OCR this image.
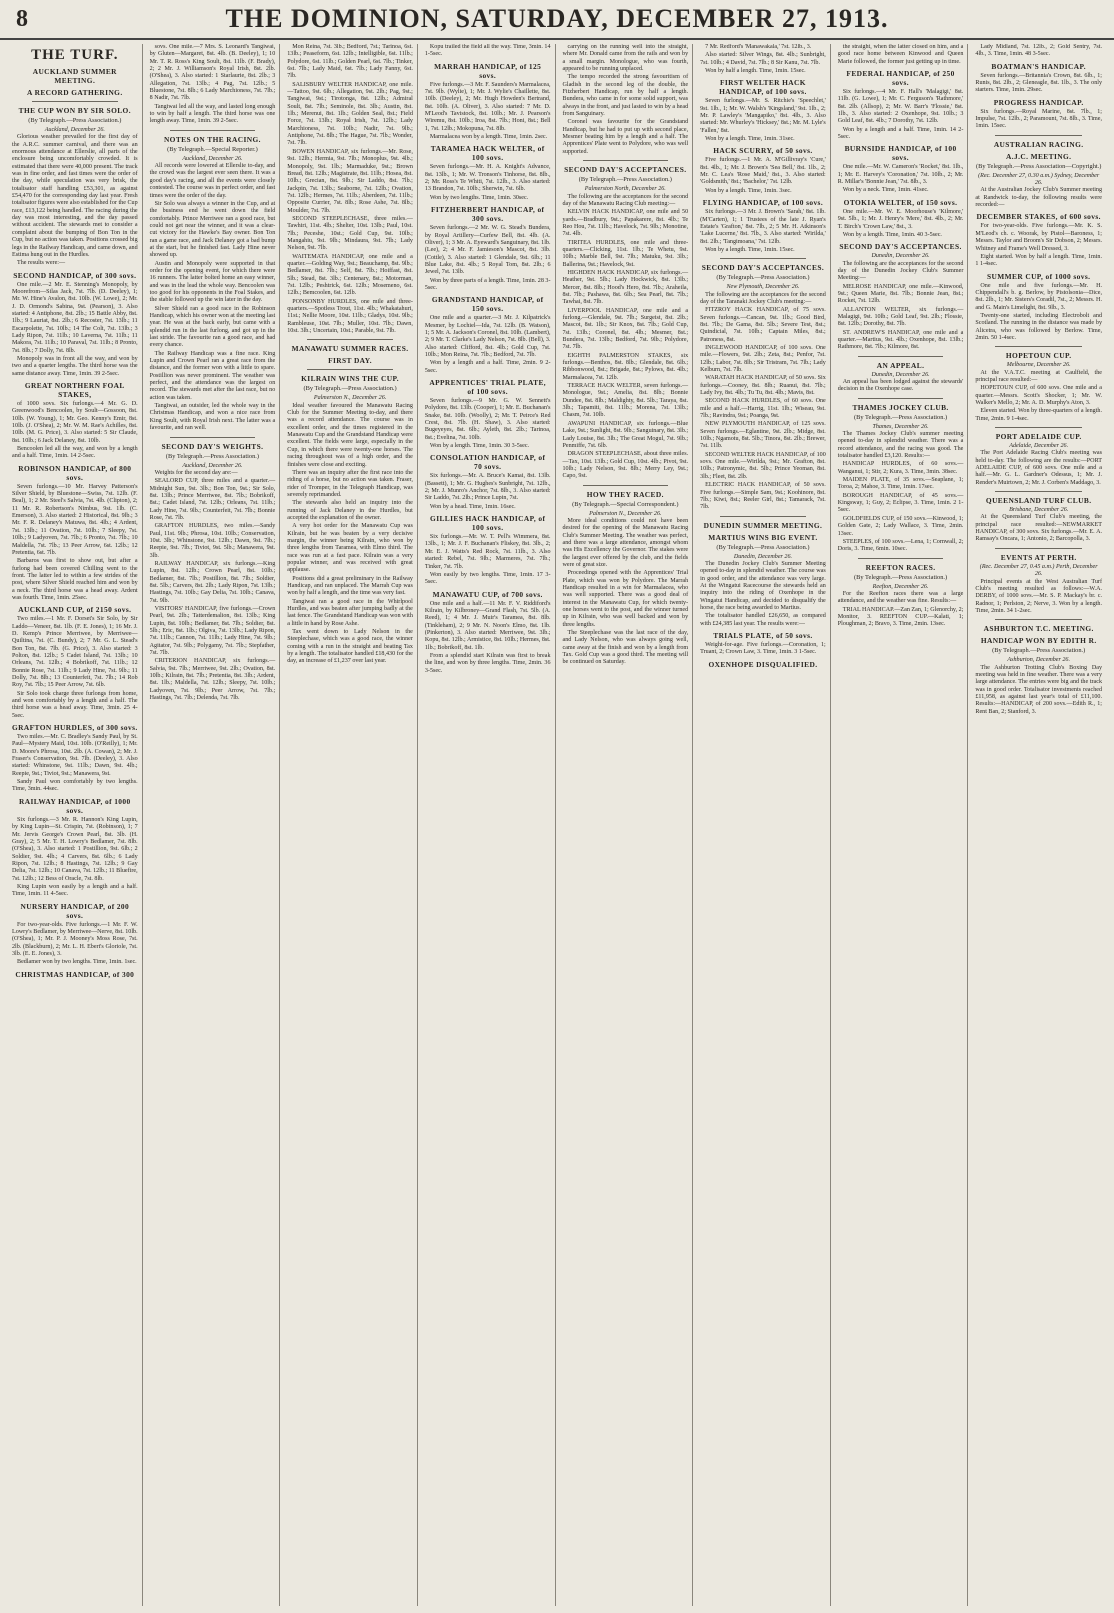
8	THE DOMINION, SATURDAY, DECEMBER 27, 1913.
THE TURF.
AUCKLAND SUMMER MEETING.
A RECORD GATHERING.
THE CUP WON BY SIR SOLO.
(By Telegraph.—Press Association.)
Auckland, December 26.

Glorious weather prevailed for the first day of the A.R.C. summer carnival, and there was an enormous attendance at Ellerslie, all parts of the enclosure being uncomfortably crowded. It is estimated that there were 40,000 present. The track was in fine order, and fast times were the order of the day, while speculation was very brisk, the totalisator staff handling £53,301, as against £54,470 for the corresponding day last year. Fresh totalisator figures were also established for the Cup race, £13,122 being handled. The racing during the day was most interesting, and the day passed without accident. The stewards met to consider a complaint about the bumping of Bon Ton in the Cup, but no action was taken. Positions crossed big legs in the Railway Handicap, and came down, and Estima hung out in the Hurdles.

The results were:—

SECOND HANDICAP, of 300 sovs.

One mile.—2 Mr. E. Stenning's Monopoly, by Moorefrom—Silas Jack, 7st. 7lb. (D. Deeley), 1; Mr. W. Hine's Avalon, 8st. 10lb. (W. Lowe), 2; Mr. J. D. Ormond's Sabina, 9st. (Pearson), 3. Also started: 4 Antiphone, 8st. 2lb.; 15 Battle Abby, 8st. 1lb.; 9 Lauriat, 8st. 2lb.; 6 Recoster, 7st. 13lb.; 11 Escarpolette, 7st. 10lb.; 14 The Colt, 7st. 13lb.; 3 Lady Ripon, 7st. 11lb.; 10 Laverna, 7st. 11lb.; 11 Makora, 7st. 11lb.; 10 Paraval, 7st. 11lb.; 8 Pronto, 7st. 8lb.; 7 Dolly, 7st. 8lb.

Monopoly was in front all the way, and won by two and a quarter lengths. The third horse was the same distance away. Time, 1min. 39 2-5sec.

GREAT NORTHERN FOAL STAKES,

of 1000 sovs. Six furlongs.—4 Mr. G. D. Greenwood's Bencoolen, by Soult—Gossoon, 8st. 10lb. (W. Young), 1; Mr. Geo. Kenny's Emir, 8st. 10lb. (J. O'Shea), 2; Mr. W. M. Rae's Achilles, 8st. 10lb. (M. G. Price), 3. Also started: 5 Sir Claude, 8st. 10lb.; 6 Jack Delaney, 8st. 10lb.

Bencoolen led all the way, and won by a length and a half. Time, 1min. 14 2-5sec.

ROBINSON HANDICAP, of 800 sovs.

Seven furlongs.—10 Mr. Harvey Patterson's Silver Shield, by Bluestone—Swiss, 7st. 12lb. (F. Beal), 1; 2 Mr. Steel's Salvia, 7st. 4lb. (Clipton), 2; 11 Mr. R. Robertson's Nimbus, 9st. 1lb. (C. Emerson), 3. Also started: 2 Historical, 8st. 9lb.; 3 Mr. F. R. Delaney's Matuwa, 8st. 4lb.; 4 Ardent, 7st. 13lb.; 11 Ovation, 7st. 10lb.; 7 Sleepy, 7st. 10lb.; 9 Ladyoven, 7st. 7lb.; 6 Pronto, 7st. 7lb.; 10 Maldella, 7st. 7lb.; 13 Peer Arrow, 6st. 12lb.; 12 Pretentia, 6st. 7lb.

Barbaros was first to show out, but after a furlong had been covered Chilling went to the front. The latter led to within a few strides of the post, where Silver Shield reached him and won by a neck. The third horse was a head away. Ardent was fourth. Time, 1min. 25sec.

AUCKLAND CUP, of 2150 sovs.

Two miles.—1 Mr. F. Dorset's Sir Solo, by Sir Laddo—Veneer, 8st. 1lb. (F. E. Jones), 1; 16 Mr. J. D. Kemp's Prince Merriwee, by Merriwee—Quiltina, 7st. (C. Bundy), 2; 7 Mr. G. L. Stead's Bon Ton, 8st. 7lb. (G. Price), 3. Also started: 3 Polton, 8st. 12lb.; 5 Cadet Island, 7st. 13lb.; 10 Orleans, 7st. 12lb.; 4 Bobrikoff, 7st. 11lb.; 12 Bonnie Rose, 7st. 11lb.; 9 Lady Hine, 7st. 9lb.; 11 Dolly, 7st. 8lb.; 13 Counterfeit, 7st. 7lb.; 14 Rob Roy, 7st. 7lb.; 15 Peer Arrow, 7st. 6lb.

Sir Solo took charge three furlongs from home, and won comfortably by a length and a half. The third horse was a head away. Time, 3min. 25 4-5sec.

GRAFTON HURDLES, of 300 sovs.

Two miles.—Mr. C. Bradley's Sandy Paul, by St. Paul—Mystery Maid, 10st. 10lb. (O'Reilly), 1; Mr. D. Moore's Phrosa, 10st. 2lb. (A. Cowan), 2; Mr. J. Fraser's Conservation, 9st. 7lb. (Deeley), 3. Also started: Whinstone, 9st. 11lb.; Dawn, 9st. 4lb.; Reepie, 9st.; Tiviot, 9st.; Manawera, 9st.

Sandy Paul won comfortably by two lengths. Time, 3min. 44sec.

RAILWAY HANDICAP, of 1000 sovs.

Six furlongs.—3 Mr. R. Hannon's King Lupin, by King Lupin—St. Crispin, 7st. (Robinson), 1; 7 Mr. Jervis George's Crown Pearl, 8st. 3lb. (H. Gray), 2; 5 Mr. T. H. Lowry's Bedlamer, 7st. 8lb. (O'Shea), 3. Also started: 1 Postillion, 9st. 6lb.; 2 Soldier, 9st. 4lb.; 4 Carvers, 8st. 6lb.; 6 Lady Ripon, 7st. 12lb.; 8 Hastings, 7st. 12lb.; 9 Gay Delia, 7st. 12lb.; 10 Canava, 7st. 12lb.; 11 Bluefire, 7st. 12lb.; 12 Bess of Oracle, 7st. 8lb.

King Lupin won easily by a length and a half. Time, 1min. 11 4-5sec.

NURSERY HANDICAP, of 200 sovs.

For two-year-olds. Five furlongs.—1 Mr. F. W. Lowry's Bedlamer, by Merriwee—Nerve, 8st. 10lb. (O'Shea), 1; Mr. P. J. Mooney's Moss Rose, 7st. 2lb. (Blackburn), 2; Mr. L. H. Ebert's Gloriole, 7st. 3lb. (E. E. Jones), 3.

Bedlamer won by two lengths. Time, 1min. 1sec.

CHRISTMAS HANDICAP, of 300

sovs. One mile.—7 Mrs. S. Leonard's Tangiwai, by Gluten—Margaret, 8st. 4lb. (B. Deeley), 1; 10 Mr. T. R. Ross's King Soult, 8st. 11lb. (F. Brady), 2; 2 Mr. J. Williamson's Royal Irish, 8st. 2lb. (O'Shea), 3. Also started: 1 Starlaurie, 8st. 2lb.; 3 Allegation, 7st. 13lb.; 4 Pag, 7st. 12lb.; 5 Bluestone, 7st. 8lb.; 6 Lady Marchioness, 7st. 7lb.; 8 Nadir, 7st. 7lb.

Tangiwai led all the way, and lasted long enough to win by half a length. The third horse was one length away. Time, 1min. 39 2-5sec.

NOTES ON THE RACING.
(By Telegraph.—Special Reporter.)
Auckland, December 26.

All records were lowered at Ellerslie to-day, and the crowd was the largest ever seen there. It was a good day's racing, and all the events were closely contested. The course was in perfect order, and fast times were the order of the day.

Sir Solo was always a winner in the Cup, and at the business end he went down the field comfortably. Prince Merriwee ran a good race, but could not get near the winner, and it was a clear-cut victory for the Hawke's Bay owner. Bon Ton ran a game race, and Jack Delaney got a bad bump at the start, but he finished fast. Lady Hine never showed up.

Austin and Monopoly were supported in that order for the opening event, for which there were 16 runners. The latter bolted home an easy winner, and was in the lead the whole way. Bencoolen was too good for his opponents in the Foal Stakes, and the stable followed up the win later in the day.

Silver Shield ran a good race in the Robinson Handicap, which his owner won at the meeting last year. He was at the back early, but came with a splendid run in the last furlong, and got up in the last stride. The favourite ran a good race, and had every chance.

The Railway Handicap was a fine race. King Lupin and Crown Pearl ran a great race from the distance, and the former won with a little to spare. Postillion was never prominent. The weather was perfect, and the attendance was the largest on record. The stewards met after the last race, but no action was taken.

Tangiwai, an outsider, led the whole way in the Christmas Handicap, and won a nice race from King Soult, with Royal Irish next. The latter was a favourite, and ran well.

SECOND DAY'S WEIGHTS.
(By Telegraph.—Press Association.)
Auckland, December 26.

Weights for the second day are:—

SEALORD CUP, three miles and a quarter.—Midnight Sun, 9st. 3lb.; Bon Ton, 9st.; Sir Solo, 8st. 13lb.; Prince Merriwee, 8st. 7lb.; Bobrikoff, 8st.; Cadet Island, 7st. 12lb.; Orleans, 7st. 11lb.; Lady Hine, 7st. 9lb.; Counterfeit, 7st. 7lb.; Bonnie Rose, 7st. 7lb.

GRAFTON HURDLES, two miles.—Sandy Paul, 11st. 9lb.; Phrosa, 10st. 10lb.; Conservation, 10st. 3lb.; Whinstone, 9st. 12lb.; Dawn, 9st. 7lb.; Reepie, 9st. 7lb.; Tiviot, 9st. 5lb.; Manawera, 9st. 3lb.

RAILWAY HANDICAP, six furlongs.—King Lupin, 8st. 12lb.; Crown Pearl, 8st. 10lb.; Bedlamer, 8st. 7lb.; Postillion, 8st. 7lb.; Soldier, 8st. 5lb.; Carvers, 8st. 2lb.; Lady Ripon, 7st. 13lb.; Hastings, 7st. 10lb.; Gay Delia, 7st. 10lb.; Canava, 7st. 9lb.

VISITORS' HANDICAP, five furlongs.—Crown Pearl, 9st. 2lb.; Tatterdemalion, 8st. 13lb.; King Lupin, 8st. 10lb.; Bedlamer, 8st. 7lb.; Soldier, 8st. 5lb.; Eric, 8st. 1lb.; Olgiva, 7st. 13lb.; Lady Ripon, 7st. 11lb.; Cannon, 7st. 11lb.; Lady Hine, 7st. 9lb.; Agitator, 7st. 9lb.; Polygamy, 7st. 7lb.; Stepfather, 7st. 7lb.

CRITERION HANDICAP, six furlongs.—Salvia, 9st. 7lb.; Merriwee, 9st. 2lb.; Ovation, 8st. 10lb.; Kilrain, 8st. 7lb.; Pretentia, 8st. 3lb.; Ardent, 8st. 1lb.; Maldella, 7st. 12lb.; Sleepy, 7st. 10lb.; Ladyoven, 7st. 9lb.; Peer Arrow, 7st. 7lb.; Hastings, 7st. 7lb.; Delenda, 7st. 7lb.

Mon Reina, 7st. 3lb.; Bedford, 7st.; Tarinoa, 6st. 13lb.; Peaseform, 6st. 12lb.; Intelligible, 6st. 11lb.; Polydore, 6st. 11lb.; Golden Pearl, 6st. 7lb.; Tinker, 6st. 7lb.; Lady Maid, 6st. 7lb.; Lady Fanny, 6st. 7lb.

SALISBURY WELTER HANDICAP, one mile.—Tattoo, 9st. 6lb.; Allegation, 9st. 2lb.; Pag, 9st.; Tangiwai, 9st.; Tirotonga, 8st. 12lb.; Admiral Soult, 8st. 7lb.; Seminole, 8st. 3lb.; Austin, 8st. 1lb.; Merenui, 8st. 1lb.; Golden Seal, 8st.; Field Force, 7st. 13lb.; Royal Irish, 7st. 12lb.; Lady Marchioness, 7st. 10lb.; Nadir, 7st. 9lb.; Antiphone, 7st. 8lb.; The Hague, 7st. 7lb.; Wonder, 7st. 7lb.

BOWEN HANDICAP, six furlongs.—Mr. Rose, 9st. 12lb.; Hermia, 9st. 7lb.; Monoplus, 9st. 4lb.; Monopoly, 9st. 1lb.; Marmaduke, 9st.; Brown Bread, 8st. 12lb.; Magistrate, 8st. 11lb.; Hosea, 8st. 10lb.; Grecian, 8st. 9lb.; Sir Laddo, 8st. 7lb.; Jackpin, 7st. 13lb.; Seaborne, 7st. 12lb.; Ovation, 7st. 12lb.; Hermes, 7st. 11lb.; Aberdeen, 7st. 11lb.; Opposite Currier, 7st. 8lb.; Rose Ashe, 7st. 8lb.; Moulder, 7st. 7lb.

SECOND STEEPLECHASE, three miles.—Tawhiri, 11st. 4lb.; Shelter, 10st. 13lb.; Paul, 10st. 7lb.; Peceshe, 10st.; Gold Cup, 9st. 10lb.; Mangahiu, 9st. 9lb.; Mindaura, 9st. 7lb.; Lady Nelson, 9st. 7lb.

WAITEMATA HANDICAP, one mile and a quarter.—Golding Way, 9st.; Beauchamp, 8st. 9lb.; Bedlamer, 8st. 7lb.; Self, 8st. 7lb.; Hoiffast, 8st. 5lb.; Stead, 8st. 3lb.; Centenary, 8st.; Motorman, 7st. 12lb.; Peshtrick, 6st. 12lb.; Mosemeno, 6st. 12lb.; Bemcoolen, 6st. 12lb.

PONSONBY HURDLES, one mile and three-quarters.—Spotless Trout, 11st. 4lb.; Whakatahuri, 11st.; Nellie Moore, 10st. 11lb.; Gladys, 10st. 9lb.; Rambleuse, 10st. 7lb.; Muller, 10st. 7lb.; Dawn, 10st. 3lb.; Uncertain, 10st.; Parable, 9st. 7lb.

MANAWATU SUMMER RACES.
FIRST DAY.
KILRAIN WINS THE CUP.
(By Telegraph.—Press Association.)
Palmerston N., December 26.

Ideal weather favoured the Manawatu Racing Club for the Summer Meeting to-day, and there was a record attendance. The course was in excellent order, and the times registered in the Manawatu Cup and the Grandstand Handicap were excellent. The fields were large, especially in the Cup, in which there were twenty-one horses. The racing throughout was of a high order, and the finishes were close and exciting.

There was an inquiry after the first race into the riding of a horse, but no action was taken. Fraser, rider of Tromper, in the Telegraph Handicap, was severely reprimanded.

The stewards also held an inquiry into the running of Jack Delaney in the Hurdles, but accepted the explanation of the owner.

A very hot order for the Manawatu Cup was Kilrain, but he was beaten by a very decisive margin, the winner being Kilrain, who won by three lengths from Taramea, with Elmo third. The race was run at a fast pace. Kilrain was a very popular winner, and was received with great applause.

Positions did a great preliminary in the Railway Handicap, and ran unplaced. The Marrah Cup was won by half a length, and the time was very fast.

Tangiwai ran a good race in the Whirlpool Hurdles, and was beaten after jumping badly at the last fence. The Grandstand Handicap was won with a little in hand by Rose Ashe.

Tax went down to Lady Nelson in the Steeplechase, which was a good race, the winner coming with a run in the straight and beating Tax by a length. The totalisator handled £18,430 for the day, an increase of £1,237 over last year.

Kopu trailed the field all the way. Time, 3min. 14 1-5sec.

MARRAH HANDICAP, of 125 sovs.

Five furlongs.—3 Mr. F. Saunders's Marmalacea, 7st. 9lb. (Wylie), 1; Mr. J. Wylie's Chaillette, 8st. 10lb. (Deeley), 2; Mr. Hugh Howden's Bertrand, 8st. 10lb. (A. Oliver), 3. Also started: 7 Mr. D. M'Leod's Tavistock, 8st. 10lb.; Mr. J. Pearson's Wiremu, 8st. 10lb.; Iroa, 8st. 7lb.; Honi, 8st.; Bell 1, 7st. 12lb.; Mokopuna, 7st. 8lb.

Marmalacea won by a length. Time, 1min. 2sec.

TARAMEA HACK WELTER, of 100 sovs.

Seven furlongs.—Mr. H. A. Knight's Advance, 8st. 13lb., 1; Mr. W. Tronson's Tinhorse, 8st. 8lb., 2; Mr. Ross's Te Whiti, 7st. 12lb., 3. Also started: 13 Brandon, 7st. 10lb.; Sherwin, 7st. 6lb.

Won by two lengths. Time, 1min. 30sec.

FITZHERBERT HANDICAP, of 300 sovs.

Seven furlongs.—2 Mr. W. G. Stead's Bundera, by Royal Artillery—Curfew Bell, 8st. 4lb. (A. Oliver), 1; 3 Mr. A. Eyeward's Sanguinary, 8st. 1lb. (Lee), 2; 4 Mr. F. Jamieson's Mascot, 8st. 3lb. (Cottle), 3. Also started: 1 Glendale, 9st. 6lb.; 11 Blue Lake, 8st. 4lb.; 5 Royal Tom, 8st. 2lb.; 6 Jewel, 7st. 13lb.

Won by three parts of a length. Time, 1min. 28 3-5sec.

GRANDSTAND HANDICAP, of 150 sovs.

One mile and a quarter.—3 Mr. J. Kilpatrick's Mesmer, by Lochiel—Ida, 7st. 12lb. (B. Watson), 1; 5 Mr. A. Jackson's Coronel, 8st. 10lb. (Lambert), 2; 9 Mr. T. Clarke's Lady Nelson, 7st. 8lb. (Bell), 3. Also started: Clifford, 8st. 4lb.; Gold Cup, 7st. 10lb.; Mon Reina, 7st. 7lb.; Bedford, 7st. 7lb.

Won by a length and a half. Time, 2min. 9 2-5sec.

APPRENTICES' TRIAL PLATE, of 100 sovs.

Seven furlongs.—9 Mr. G. W. Sennett's Polydore, 8st. 13lb. (Cooper), 1; Mr. E. Buchanan's Snake, 8st. 10lb. (Woolly), 2; Mr. T. Peirce's Red Crest, 8st. 7lb. (H. Shaw), 3. Also started: Bugeyeyes, 8st. 6lb.; Ayleth, 8st. 2lb.; Tarinoa, 8st.; Evelina, 7st. 10lb.

Won by a length. Time, 1min. 30 3-5sec.

CONSOLATION HANDICAP, of 70 sovs.

Six furlongs.—Mr. A. Bruce's Kamai, 8st. 13lb. (Bassett), 1; Mr. G. Hughes's Sunbright, 7st. 12lb., 2; Mr. J. Munro's Anchor, 7st. 8lb., 3. Also started: Sir Laddo, 7st. 2lb.; Prince Lupin, 7st.

Won by a head. Time, 1min. 16sec.

GILLIES HACK HANDICAP, of 100 sovs.

Six furlongs.—Mr. W. T. Pell's Wimmera, 8st. 13lb., 1; Mr. J. F. Buchanan's Fliskey, 8st. 3lb., 2; Mr. E. J. Watts's Red Rock, 7st. 11lb., 3. Also started: Rebel, 7st. 9lb.; Marmeres, 7st. 7lb.; Tinker, 7st. 7lb.

Won easily by two lengths. Time, 1min. 17 3-5sec.

MANAWATU CUP, of 700 sovs.

One mile and a half.—11 Mr. F. V. Riddiford's Kilrain, by Kilbroney—Grand Flash, 7st. 5lb. (A. Reed), 1; 4 Mr. J. Muir's Taramea, 8st. 8lb. (Tinkleham), 2; 9 Mr. N. Noon's Elmo, 8st. 1lb. (Pinkerton), 3. Also started: Merriwee, 9st. 3lb.; Kopu, 8st. 12lb.; Armistice, 8st. 10lb.; Hermes, 8st. 1lb.; Bobrikoff, 8st. 1lb.

From a splendid start Kilrain was first to break the line, and won by three lengths. Time, 2min. 36 3-5sec.

carrying on the running well into the straight, where Mr. Donald came from the rails and won by a small margin. Monologue, who was fourth, appeared to be running unplaced.

The tempo recorded the strong favouritism of Gladish in the second leg of the double, the Fitzherbert Handicap, run by half a length. Bundera, who came in for some solid support, was always in the front, and just lasted to win by a head from Sanguinary.

Coronel was favourite for the Grandstand Handicap, but he had to put up with second place, Mesmer beating him by a length and a half. The Apprentices' Plate went to Polydore, who was well supported.

SECOND DAY'S ACCEPTANCES.
(By Telegraph.—Press Association.)
Palmerston North, December 26.

The following are the acceptances for the second day of the Manawatu Racing Club meeting:—

KELVIN HACK HANDICAP, one mile and 50 yards.—Bradbury, 9st.; Papakarere, 8st. 4lb.; Te Reo Hou, 7st. 11lb.; Havelock, 7st. 9lb.; Monotine, 7st. 4lb.

TIRITEA HURDLES, one mile and three-quarters.—Clicking, 11st. 1lb.; Te Whetu, 9st. 10lb.; Marble Bell, 9st. 7lb.; Matuku, 9st. 3lb.; Ballerina, 9st.; Havelock, 9st.

HIGHDEN HACK HANDICAP, six furlongs.—Heather, 9st. 5lb.; Lady Hockwick, 8st. 13lb.; Mercer, 8st. 8lb.; Hood's Hero, 8st. 7lb.; Araheila, 8st. 7lb.; Pashawa, 8st. 6lb.; Sea Pearl, 8st. 7lb.; Tawhai, 8st. 7lb.

LIVERPOOL HANDICAP, one mile and a furlong.—Glendale, 9st. 7lb.; Surgeist, 8st. 2lb.; Mascot, 8st. 1lb.; Sir Knox, 8st. 7lb.; Gold Cup, 7st. 13lb.; Coronel, 8st. 4lb.; Mesmer, 8st.; Bundera, 7st. 13lb.; Bedford, 7st. 9lb.; Polydore, 7st. 7lb.

EIGHTH PALMERSTON STAKES, six furlongs.—Benthos, 8st. 8lb.; Glendale, 8st. 6lb.; Ribbonwood, 8st.; Brigade, 8st.; Pylows, 8st. 4lb.; Marmalacea, 7st. 12lb.

TERRACE HACK WELTER, seven furlongs.—Monologue, 9st.; Amelia, 8st. 8lb.; Bonnie Dundee, 8st. 8lb.; Maldighty, 8st. 5lb.; Taraya, 8st. 3lb.; Tapamiti, 8st. 11lb.; Morena, 7st. 13lb.; Chasm, 7st. 10lb.

AWAPUNI HANDICAP, six furlongs.—Blue Lake, 9st.; Sunlight, 8st. 9lb.; Sanguinary, 8st. 3lb.; Lady Louise, 8st. 3lb.; The Great Mogul, 7st. 9lb.; Penmiffe, 7st. 6lb.

DRAGON STEEPLECHASE, about three miles.—Tax, 10st. 13lb.; Gold Cup, 10st. 4lb.; Pivot, 9st. 10lb.; Lady Nelson, 9st. 8lb.; Merry Ley, 9st.; Capo, 9st.

HOW THEY RACED.
(By Telegraph.—Special Correspondent.)
Palmerston N., December 26.

More ideal conditions could not have been desired for the opening of the Manawatu Racing Club's Summer Meeting. The weather was perfect, and there was a large attendance, amongst whom was His Excellency the Governor. The stakes were the largest ever offered by the club, and the fields were of great size.

Proceedings opened with the Apprentices' Trial Plate, which was won by Polydore. The Marrah Handicap resulted in a win for Marmalacea, who was well supported. There was a good deal of interest in the Manawatu Cup, for which twenty-one horses went to the post, and the winner turned up in Kilrain, who was well backed and won by three lengths.

The Steeplechase was the last race of the day, and Lady Nelson, who was always going well, came away at the finish and won by a length from Tax. Gold Cup was a good third. The meeting will be continued on Saturday.

7 Mr. Redford's 'Manawakala,' 7st. 12lb., 3.

Also started: Silver Wings, 8st. 4lb.; Sunbright, 7st. 10lb.; 4 David, 7st. 7lb.; 8 Sir Kanu, 7st. 7lb.

Won by half a length. Time, 1min. 15sec.

FIRST WELTER HACK HANDICAP, of 100 sovs.

Seven furlongs.—Mr. S. Ritchie's 'Speechlet,' 9st. 1lb., 1; Mr. W. Walsh's 'Kingsland,' 9st. 1lb., 2; Mr. P. Lawley's 'Mangapiko,' 8st. 4lb., 3. Also started: Mr. Whurley's 'Hicksey,' 8st.; Mr. M. Lyle's 'Fallen,' 8st.

Won by a length. Time, 1min. 31sec.

HACK SCURRY, of 50 sovs.

Five furlongs.—1 Mr. A. M'Gillivray's 'Cure,' 8st. 4lb., 1; Mr. J. Brown's 'Sea Bell,' 8st. 1lb., 2; Mr. C. Lea's 'Rose Maid,' 8st., 3. Also started: 'Goldsmith,' 8st.; 'Bachelor,' 7st. 12lb.

Won by a length. Time, 1min. 3sec.

FLYING HANDICAP, of 100 sovs.

Six furlongs.—3 Mr. J. Brown's 'Sarah,' 8st. 1lb. (M'Carten), 1; 1 Trustees of the late J. Ryan's Estate's 'Grafton,' 8st. 7lb., 2; 5 Mr. H. Atkinson's 'Lake Lucerne,' 8st. 7lb., 3. Also started: 'Wirilda,' 8st. 2lb.; 'Tangimoana,' 7st. 12lb.

Won by a length. Time, 1min. 15sec.

SECOND DAY'S ACCEPTANCES.
(By Telegraph.—Press Association.)
New Plymouth, December 26.

The following are the acceptances for the second day of the Taranaki Jockey Club's meeting:—

FITZROY HACK HANDICAP, of 75 sovs. Seven furlongs.—Cancan, 9st. 1lb.; Good Bird, 8st. 7lb.; De Gama, 8st. 5lb.; Severe Test, 8st.; Quindicial, 7st. 10lb.; Captain Miles, 8st.; Patroness, 8st.

INGLEWOOD HANDICAP, of 100 sovs. One mile.—Flowers, 9st. 2lb.; Zeta, 8st.; Penfor, 7st. 12lb.; Labor, 7st. 8lb.; Sir Tristram, 7st. 7lb.; Lady Kelburn, 7st. 7lb.

WARATAH HACK HANDICAP, of 50 sovs. Six furlongs.—Cooney, 8st. 8lb.; Ruanui, 8st. 7lb.; Lady Ivy, 8st. 4lb.; Tu Tu, 8st. 4lb.; Mavis, 8st.

SECOND HACK HURDLES, of 60 sovs. One mile and a half.—Harrig, 11st. 1lb.; Wiseau, 9st. 7lb.; Ravindra, 9st.; Poanga, 9st.

NEW PLYMOUTH HANDICAP, of 125 sovs. Seven furlongs.—Eglantine, 9st. 2lb.; Midge, 8st. 10lb.; Ngamotu, 8st. 5lb.; Tinora, 8st. 2lb.; Brewer, 7st. 11lb.

SECOND WELTER HACK HANDICAP, of 100 sovs. One mile.—Wirilda, 9st.; Mr. Grafton, 8st. 10lb.; Patronymic, 8st. 5lb.; Prince Yeoman, 8st. 3lb.; Fleet, 8st. 2lb.

ELECTRIC HACK HANDICAP, of 50 sovs. Five furlongs.—Simple Sam, 9st.; Koohinore, 8st. 7lb.; Kiwi, 8st.; Reeler Girl, 8st.; Tamarack, 7st. 7lb.

DUNEDIN SUMMER MEETING.
MARTIUS WINS BIG EVENT.
(By Telegraph.—Press Association.)
Dunedin, December 26.

The Dunedin Jockey Club's Summer Meeting opened to-day in splendid weather. The course was in good order, and the attendance was very large. At the Wingatui Racecourse the stewards held an inquiry into the riding of Oxenhope in the Wingatui Handicap, and decided to disqualify the horse, the race being awarded to Martius.

The totalisator handled £26,650, as compared with £24,385 last year. The results were:—

TRIALS PLATE, of 50 sovs.

Weight-for-age. Five furlongs.—Coronation, 1; Truant, 2; Crown Law, 3. Time, 1min. 3 1-5sec.

OXENHOPE DISQUALIFIED.

the straight, when the latter closed on him, and a good race home between Kinwood and Queen Marie followed, the former just getting up in time.

FEDERAL HANDICAP, of 250 sovs.

Six furlongs.—4 Mr. F. Hall's 'Malagigi,' 8st. 11lb. (G. Lowe), 1; Mr. C. Ferguson's 'Rathmore,' 8st. 2lb. (Allsop), 2; Mr. W. Barr's 'Flossie,' 8st. 1lb., 3. Also started: 2 Oxenhope, 9st. 10lb.; 3 Gold Leaf, 8st. 4lb.; 7 Dorothy, 7st. 12lb.

Won by a length and a half. Time, 1min. 14 2-5sec.

BURNSIDE HANDICAP, of 100 sovs.

One mile.—Mr. W. Cameron's 'Rocket,' 8st. 1lb., 1; Mr. E. Harvey's 'Coronation,' 7st. 10lb., 2; Mr. R. Millar's 'Bonnie Jean,' 7st. 8lb., 3.

Won by a neck. Time, 1min. 41sec.

OTOKIA WELTER, of 150 sovs.

One mile.—Mr. W. E. Moorhouse's 'Kilmore,' 9st. 5lb., 1; Mr. J. Henry's 'Mere,' 8st. 4lb., 2; Mr. T. Birch's 'Crown Law,' 8st., 3.

Won by a length. Time, 1min. 40 3-5sec.

SECOND DAY'S ACCEPTANCES.
Dunedin, December 26.

The following are the acceptances for the second day of the Dunedin Jockey Club's Summer Meeting:—

MELROSE HANDICAP, one mile.—Kinwood, 9st.; Queen Marie, 8st. 7lb.; Bonnie Jean, 8st.; Rocket, 7st. 12lb.

ALLANTON WELTER, six furlongs.—Malagigi, 9st. 10lb.; Gold Leaf, 9st. 2lb.; Flossie, 8st. 12lb.; Dorothy, 8st. 7lb.

ST. ANDREW'S HANDICAP, one mile and a quarter.—Martius, 9st. 4lb.; Oxenhope, 8st. 13lb.; Rathmore, 8st. 7lb.; Kilmore, 8st.

AN APPEAL.
Dunedin, December 26.

An appeal has been lodged against the stewards' decision in the Oxenhope case.

THAMES JOCKEY CLUB.
(By Telegraph.—Press Association.)
Thames, December 26.

The Thames Jockey Club's summer meeting opened to-day in splendid weather. There was a record attendance, and the racing was good. The totalisator handled £3,120. Results:—

HANDICAP HURDLES, of 60 sovs.—Wanganui, 1; Stir, 2; Kura, 3. Time, 3min. 38sec.

MAIDEN PLATE, of 35 sovs.—Seaplane, 1; Toroa, 2; Mahoe, 3. Time, 1min. 17sec.

BOROUGH HANDICAP, of 45 sovs.—Kingsway, 1; Guy, 2; Eclipse, 3. Time, 1min. 2 1-5sec.

GOLDFIELDS CUP, of 150 sovs.—Kinwood, 1; Golden Gate, 2; Lady Wallace, 3. Time, 2min. 13sec.

STEEPLES, of 100 sovs.—Lena, 1; Cornwall, 2; Doris, 3. Time, 6min. 10sec.

REEFTON RACES.
(By Telegraph.—Press Association.)
Reefton, December 26.

For the Reefton races there was a large attendance, and the weather was fine. Results:—

TRIAL HANDICAP.—Zan Zan, 1; Glenorchy, 2; Monitor, 3. REEFTON CUP.—Kalati, 1; Ploughman, 2; Bravo, 3. Time, 2min. 13sec.

Lady Midland, 7st. 12lb., 2; Gold Sentry, 7st. 4lb., 3. Time, 1min. 48 3-5sec.

BOATMAN'S HANDICAP.

Seven furlongs.—Britannia's Crown, 8st. 6lb., 1; Runis, 8st. 2lb., 2; Gleneagle, 8st. 1lb., 3. The only starters. Time, 1min. 29sec.

PROGRESS HANDICAP.

Six furlongs.—Royal Marine, 8st. 7lb., 1; Impulse, 7st. 12lb., 2; Paramount, 7st. 8lb., 3. Time, 1min. 15sec.

AUSTRALIAN RACING.
A.J.C. MEETING.
(By Telegraph.—Press Association—Copyright.)
(Rec. December 27, 0.30 a.m.) Sydney, December 26.

At the Australian Jockey Club's Summer meeting at Randwick to-day, the following results were recorded:—

DECEMBER STAKES, of 600 sovs.

For two-year-olds. Five furlongs.—Mr. K. S. M'Leod's ch. c. Woorak, by Pistol—Baroness, 1; Messrs. Taylor and Broom's Sir Dobson, 2; Messrs. Whitney and Frame's Well Dressed, 3.

Eight started. Won by half a length. Time, 1min. 1 1-4sec.

SUMMER CUP, of 1000 sovs.

One mile and five furlongs.—Mr. H. Chippendall's b. g. Berlow, by Pistolsonia—Dice, 8st. 2lb., 1; Mr. Sisters's Coradil, 7st., 2; Messrs. H. and G. Main's Limelight, 8st. 9lb., 3.

Twenty-one started, including Electrobolt and Scotland. The running in the distance was made by Alicetra, who was followed by Berlow. Time, 2min. 50 1-4sec.

HOPETOUN CUP.
Melbourne, December 26.

At the V.A.T.C. meeting at Caulfield, the principal race resulted:—

HOPETOUN CUP, of 600 sovs. One mile and a quarter.—Messrs. Scott's Shocker, 1; Mr. W. Walker's Mello, 2; Mr. A. D. Murphy's Aton, 3.

Eleven started. Won by three-quarters of a length. Time, 2min. 9 1-4sec.

PORT ADELAIDE CUP.
Adelaide, December 26.

The Port Adelaide Racing Club's meeting was held to-day. The following are the results:—PORT ADELAIDE CUP, of 600 sovs. One mile and a half.—Mr. G. L. Gardner's Odessus, 1; Mr. J. Render's Muirtown, 2; Mr. J. Corben's Maddago, 3.

QUEENSLAND TURF CLUB.
Brisbane, December 26.

At the Queensland Turf Club's meeting, the principal race resulted:—NEWMARKET HANDICAP, of 300 sovs. Six furlongs.—Mr. E. A. Ramsay's Oncara, 1; Antonio, 2; Barcopolla, 3.

EVENTS AT PERTH.
(Rec. December 27, 0.45 a.m.) Perth, December 26.

Principal events at the West Australian Turf Club's meeting resulted as follows:—W.A. DERBY, of 1000 sovs.—Mr. S. P. Mackay's br. c. Radnor, 1; Perlston, 2; Nerve, 3. Won by a length. Time, 2min. 34 1-2sec.

ASHBURTON T.C. MEETING.
HANDICAP WON BY EDITH R.
(By Telegraph.—Press Association.)
Ashburton, December 26.

The Ashburton Trotting Club's Boxing Day meeting was held in fine weather. There was a very large attendance. The entries were big and the track was in good order. Totalisator investments reached £11,958, as against last year's total of £11,100. Results:—HANDICAP, of 200 sovs.—Edith R., 1; Rent Ban, 2; Stanford, 3.
